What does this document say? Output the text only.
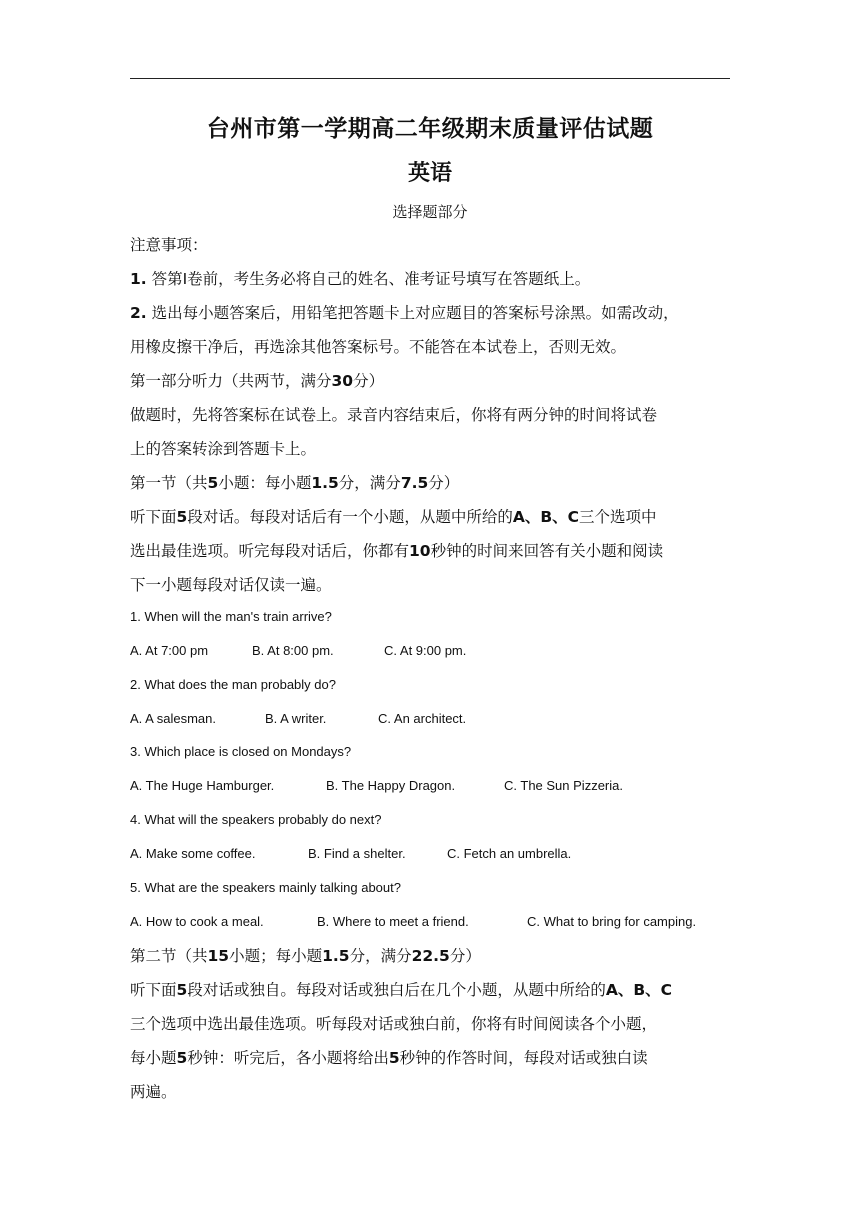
台州市第一学期高二年级期末质量评估试题
英语
选择题部分
注意事项：
1. 答第Ⅰ卷前，考生务必将自己的姓名、准考证号填写在答题纸上。
2. 选出每小题答案后，用铅笔把答题卡上对应题目的答案标号涂黑。如需改动，
用橡皮擦干净后，再选涂其他答案标号。不能答在本试卷上，否则无效。
第一部分听力（共两节，满分30分）
做题时，先将答案标在试卷上。录音内容结束后，你将有两分钟的时间将试卷
上的答案转涂到答题卡上。
第一节（共5小题：每小题1.5分，满分7.5分）
听下面5段对话。每段对话后有一个小题，从题中所给的A、B、C三个选项中
选出最佳选项。听完每段对话后，你都有10秒钟的时间来回答有关小题和阅读
下一小题每段对话仅读一遍。
1. When will the man's train arrive?
A. At 7:00 pm	B. At 8:00 pm.	C. At 9:00 pm.
2. What does the man probably do?
A. A salesman.	B. A writer.	C. An architect.
3. Which place is closed on Mondays?
A. The Huge Hamburger.	B. The Happy Dragon.	C. The Sun Pizzeria.
4. What will the speakers probably do next?
A. Make some coffee.	B. Find a shelter.	C. Fetch an umbrella.
5. What are the speakers mainly talking about?
A. How to cook a meal.	B. Where to meet a friend.	C. What to bring for camping.
第二节（共15小题；每小题1.5分，满分22.5分）
听下面5段对话或独自。每段对话或独白后在几个小题，从题中所给的A、B、C
三个选项中选出最佳选项。听每段对话或独白前，你将有时间阅读各个小题，
每小题5秒钟：听完后，各小题将给出5秒钟的作答时间，每段对话或独白读
两遍。
